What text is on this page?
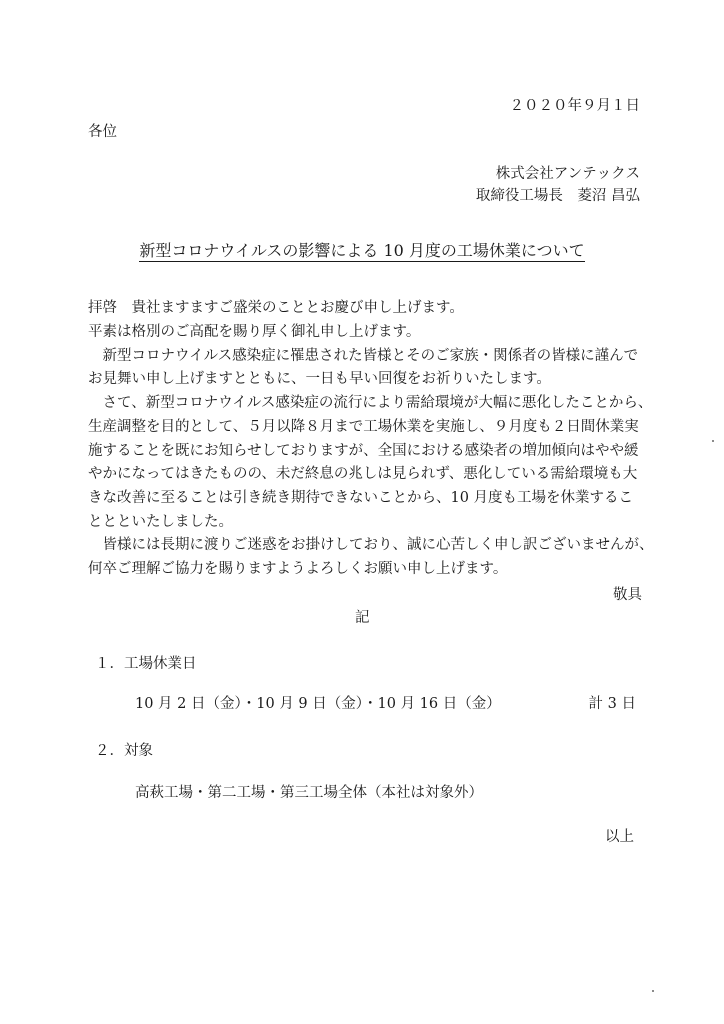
２０２０年９月１日
各位
株式会社アンテックス
取締役工場長　菱沼 昌弘
新型コロナウイルスの影響による 10 月度の工場休業について
拝啓　貴社ますますご盛栄のこととお慶び申し上げます。
平素は格別のご高配を賜り厚く御礼申し上げます。
　新型コロナウイルス感染症に罹患された皆様とそのご家族・関係者の皆様に謹んで
お見舞い申し上げますとともに、一日も早い回復をお祈りいたします。
　さて、新型コロナウイルス感染症の流行により需給環境が大幅に悪化したことから、
生産調整を目的として、５月以降８月まで工場休業を実施し、９月度も２日間休業実
施することを既にお知らせしておりますが、全国における感染者の増加傾向はやや緩
やかになってはきたものの、未だ終息の兆しは見られず、悪化している需給環境も大
きな改善に至ることは引き続き期待できないことから、10 月度も工場を休業するこ
ととといたしました。
　皆様には長期に渡りご迷惑をお掛けしており、誠に心苦しく申し訳ございませんが、
何卒ご理解ご協力を賜りますようよろしくお願い申し上げます。
敬具
記
１．工場休業日
10 月 2 日（金）・10 月 9 日（金）・10 月 16 日（金）	計 3 日
２．対象
高萩工場・第二工場・第三工場全体（本社は対象外）
以上
